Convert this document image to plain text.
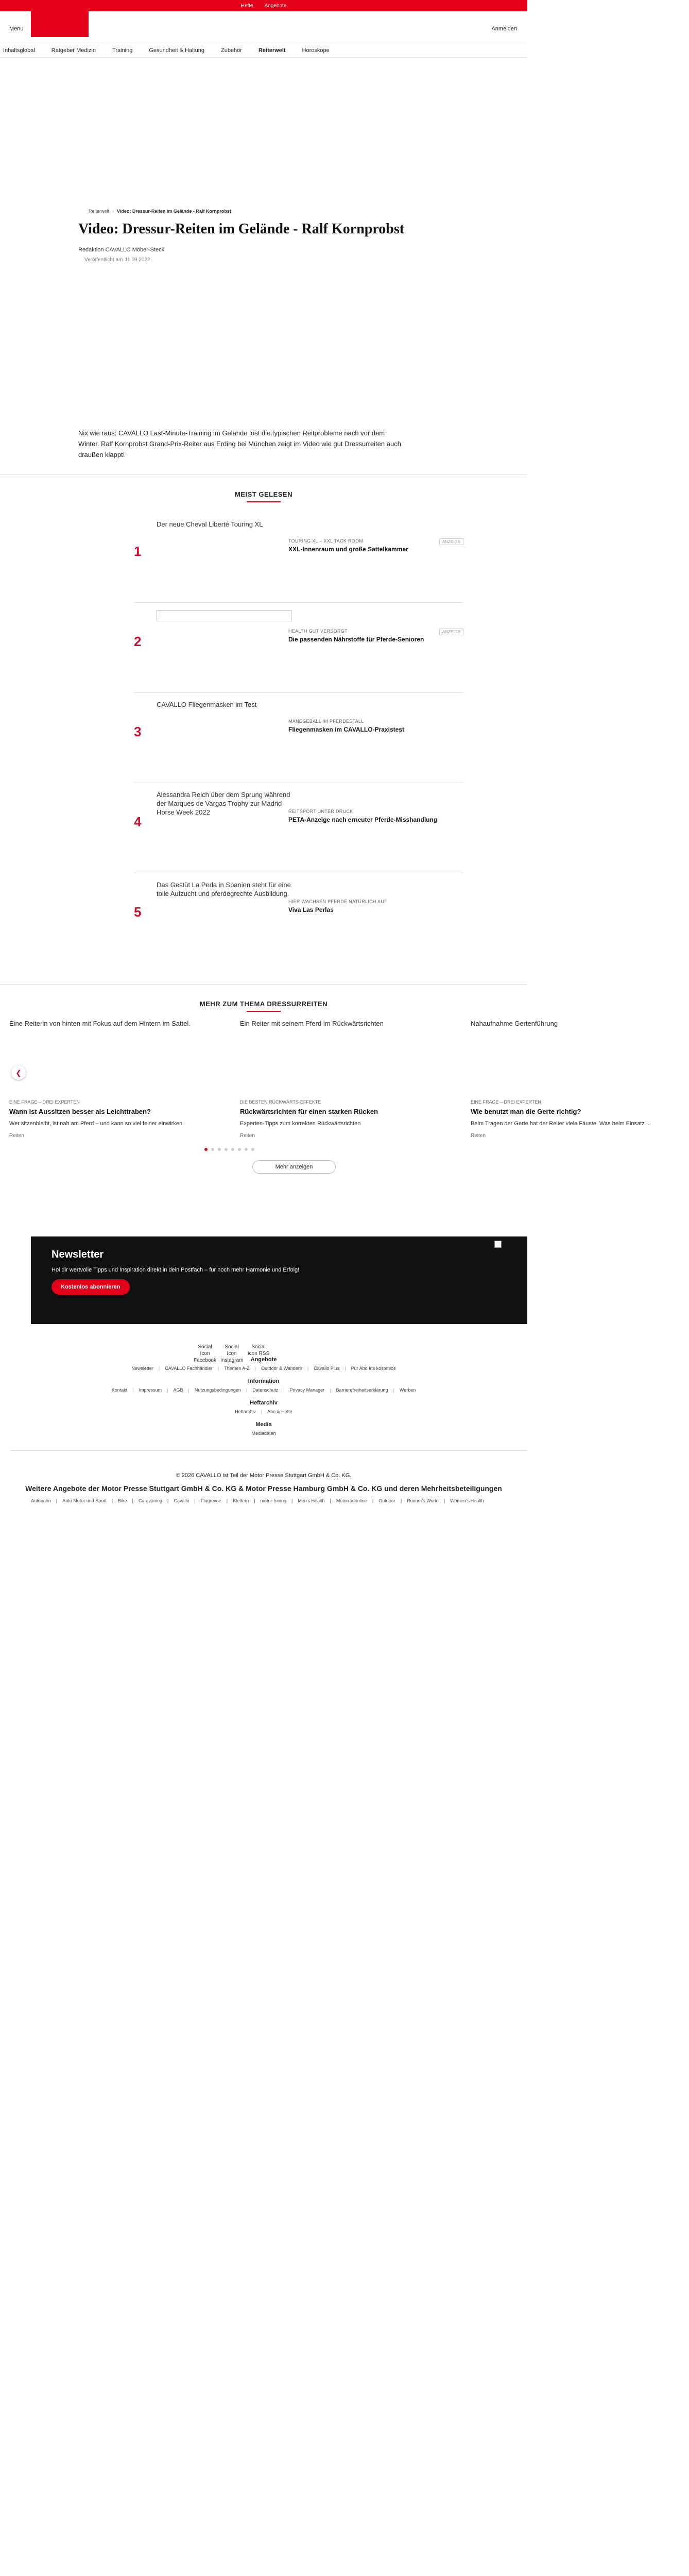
Hefte Angebote
Menu	Anmelden
Inhaltsglobal	Ratgeber Medizin	Training	Gesundheit & Haltung	Zubehör	Reiterwelt	Horoskope
Reiterwelt › Video: Dressur-Reiten im Gelände - Ralf Kornprobst
Video: Dressur-Reiten im Gelände - Ralf Kornprobst
Redaktion CAVALLO Möber-Steck
Veröffentlicht am 11.09.2022

Nix wie raus: CAVALLO Last-Minute-Training im Gelände löst die typischen Reitprobleme nach vor dem Winter. Ralf Kornprobst Grand-Prix-Reiter aus Erding bei München zeigt im Video wie gut Dressurreiten auch draußen klappt!

MEIST GELESEN
1
Der neue Cheval Liberté Touring XL
TOURING XL – XXL TACK ROOM
XXL-Innenraum und große Sattelkammer
ANZEIGE
2
HEALTH GUT VERSORGT
Die passenden Nährstoffe für Pferde-Senioren
ANZEIGE
3
CAVALLO Fliegenmasken im Test
MANEGEBALL IM PFERDESTALL
Fliegenmasken im CAVALLO-Praxistest
4
Alessandra Reich über dem Sprung während der Marques de Vargas Trophy zur Madrid Horse Week 2022	REITSPORT UNTER DRUCK
PETA-Anzeige nach erneuter Pferde-Misshandlung
5
Das Gestüt La Perla in Spanien steht für eine tolle Aufzucht und pferdegrechte Ausbildung.
HIER WACHSEN PFERDE NATÜRLICH AUF
Viva Las Perlas
MEHR ZUM THEMA DRESSURREITEN
Eine Reiterin von hinten mit Fokus auf dem Hintern im Sattel.
EINE FRAGE – DREI EXPERTEN
Wann ist Aussitzen besser als Leichttraben?
Wer sitzenbleibt, ist nah am Pferd – und kann so viel feiner einwirken.
Reiten
Ein Reiter mit seinem Pferd im Rückwärtsrichten
DIE BESTEN RÜCKWÄRTS-EFFEKTE
Rückwärtsrichten für einen starken Rücken
Experten-Tipps zum korrekten Rückwärtsrichten
Reiten
Nahaufnahme Gertenführung
EINE FRAGE – DREI EXPERTEN
Wie benutzt man die Gerte richtig?
Beim Tragen der Gerte hat der Reiter viele Fäuste. Was beim Einsatz ...
Reiten
❮
Mehr anzeigen
Newsletter

Hol dir wertvolle Tipps und Inspiration direkt in dein Postfach – für noch mehr Harmonie und Erfolg!

Kostenlos abonnieren
Social Icon Facebook
Social Icon Instagram
Social Icon RSS
Angebote
Newsletter | CAVALLO Fachhändler | Themen A-Z | Outdoor & Wandern | Cavallo Plus | Pur Abo Ins kostenlos
Information
Kontakt | Impressum | AGB | Nutzungsbedingungen | Datenschutz | Privacy Manager | Barrierefreiheitserklärung | Werben
Heftarchiv
Heftarchiv | Abo & Hefte
Media
Mediadaten
© 2026 CAVALLO ist Teil der Motor Presse Stuttgart GmbH & Co. KG.
Weitere Angebote der Motor Presse Stuttgart GmbH & Co. KG & Motor Presse Hamburg GmbH & Co. KG und deren Mehrheitsbeteiligungen
Autobahn | Auto Motor und Sport | Bike | Caravaning | Cavallo | Flugrevue | Klettern | motor-tuning | Men's Health | Motorradonline | Outdoor | Runner's World | Women's Health
